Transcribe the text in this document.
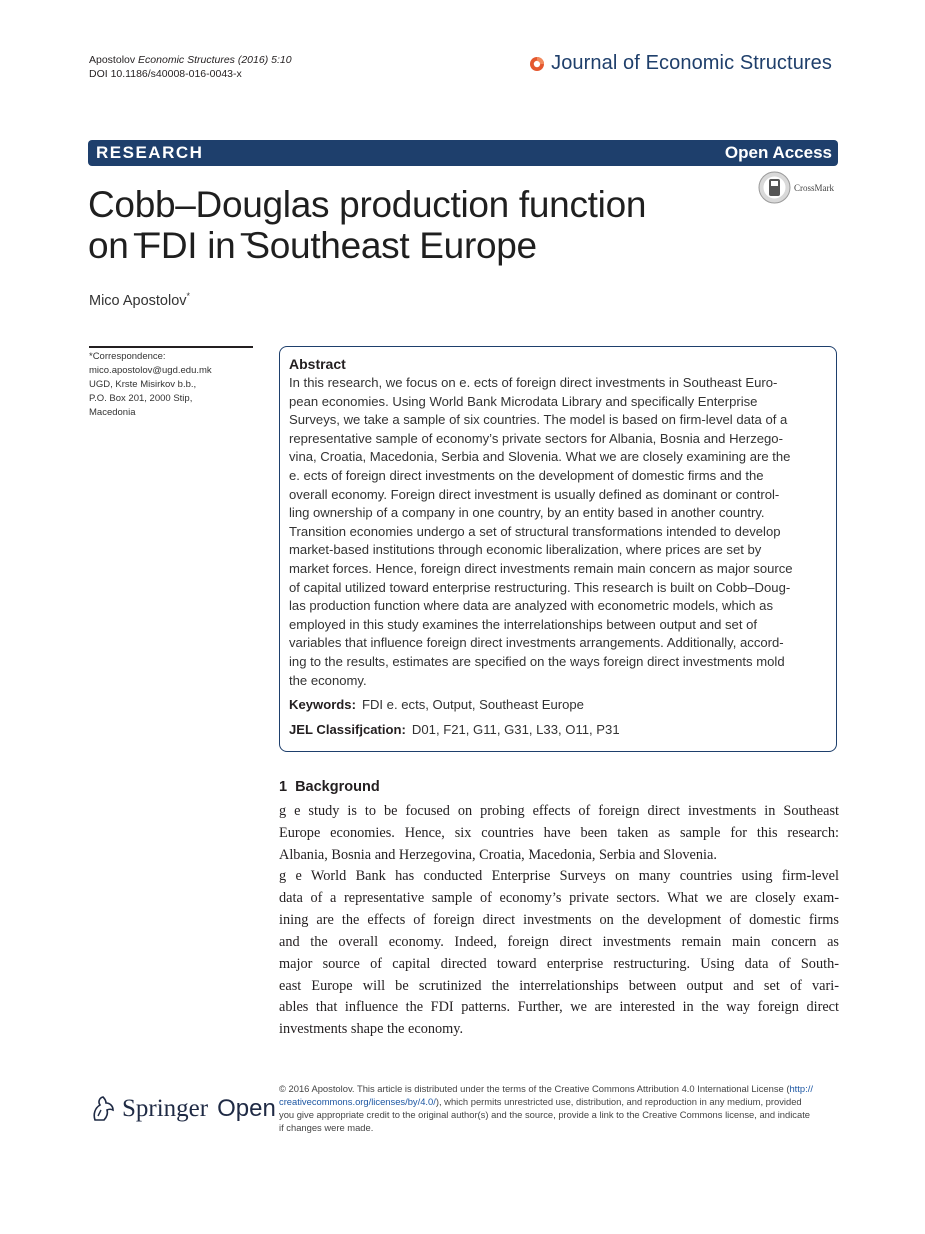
Apostolov Economic Structures (2016) 5:10
DOI 10.1186/s40008-016-0043-x	Journal of Economic Structures
RESEARCH	Open Access
CrossMark
Cobb–Douglas production function
on ̄FDI in ̄Southeast Europe
Mico Apostolov*
*Correspondence:
mico.apostolov@ugd.edu.mk
UGD, Krste Misirkov b.b.,
P.O. Box 201, 2000 Stip,
Macedonia
Abstract
In this research, we focus on e. ects of foreign direct investments in Southeast Euro-
pean economies. Using World Bank Microdata Library and specifically Enterprise
Surveys, we take a sample of six countries. The model is based on firm-level data of a
representative sample of economy’s private sectors for Albania, Bosnia and Herzego-
vina, Croatia, Macedonia, Serbia and Slovenia. What we are closely examining are the
e. ects of foreign direct investments on the development of domestic firms and the
overall economy. Foreign direct investment is usually defined as dominant or control-
ling ownership of a company in one country, by an entity based in another country.
Transition economies undergo a set of structural transformations intended to develop
market-based institutions through economic liberalization, where prices are set by
market forces. Hence, foreign direct investments remain main concern as major source
of capital utilized toward enterprise restructuring. This research is built on Cobb–Doug-
las production function where data are analyzed with econometric models, which as
employed in this study examines the interrelationships between output and set of
variables that influence foreign direct investments arrangements. Additionally, accord-
ing to the results, estimates are specified on the ways foreign direct investments mold
the economy.
Keywords: FDI e. ects, Output, Southeast Europe
JEL Classifjcation: D01, F21, G11, G31, L33, O11, P31
1 Background
g e study is to be focused on probing effects of foreign direct investments in Southeast
Europe economies. Hence, six countries have been taken as sample for this research:
Albania, Bosnia and Herzegovina, Croatia, Macedonia, Serbia and Slovenia.
g e World Bank has conducted Enterprise Surveys on many countries using firm-level
data of a representative sample of economy’s private sectors. What we are closely exam-
ining are the effects of foreign direct investments on the development of domestic firms
and the overall economy. Indeed, foreign direct investments remain main concern as
major source of capital directed toward enterprise restructuring. Using data of South-
east Europe will be scrutinized the interrelationships between output and set of vari-
ables that influence the FDI patterns. Further, we are interested in the way foreign direct
investments shape the economy.
Springer Open
© 2016 Apostolov. This article is distributed under the terms of the Creative Commons Attribution 4.0 International License (http://
creativecommons.org/licenses/by/4.0/), which permits unrestricted use, distribution, and reproduction in any medium, provided
you give appropriate credit to the original author(s) and the source, provide a link to the Creative Commons license, and indicate
if changes were made.
